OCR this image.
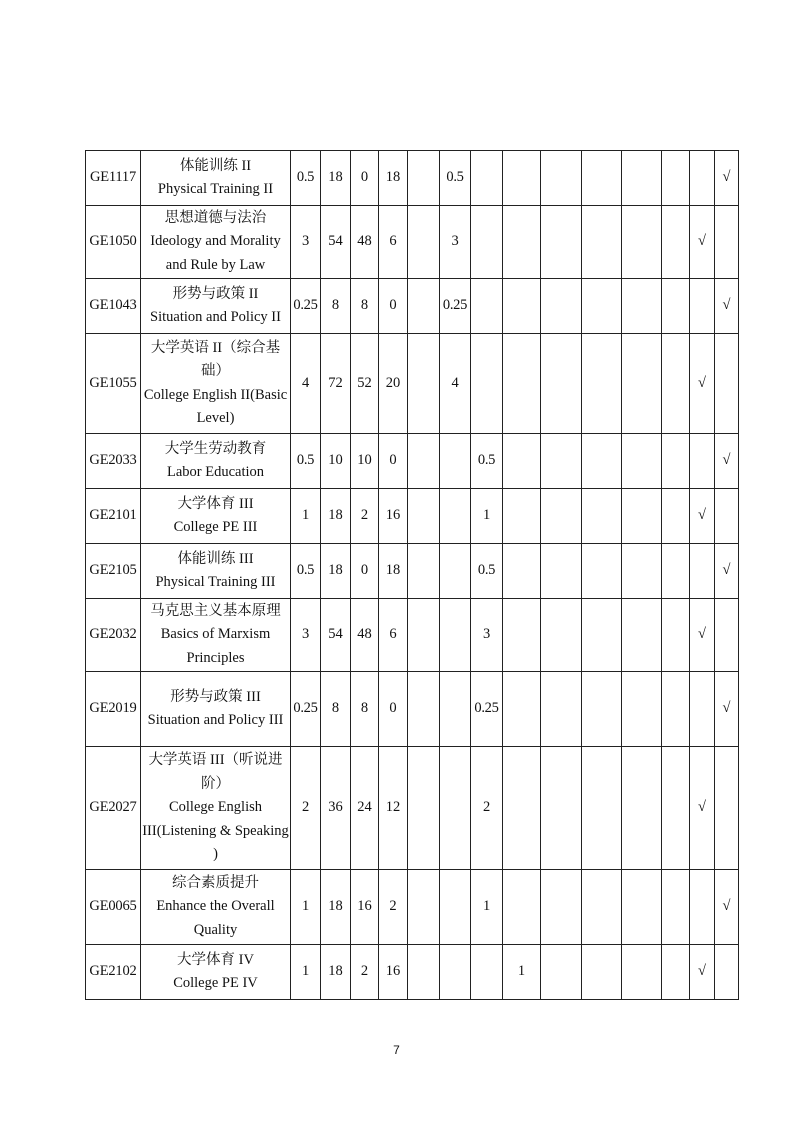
GE1117	体能训练 II
Physical Training II	0.5	18	0	18		0.5								√
GE1050	思想道德与法治
Ideology and Morality and Rule by Law	3	54	48	6		3							√	
GE1043	形势与政策 II
Situation and Policy II	0.25	8	8	0		0.25								√
GE1055	大学英语 II（综合基础）
College English II(Basic Level)	4	72	52	20		4							√	
GE2033	大学生劳动教育
Labor Education	0.5	10	10	0			0.5							√
GE2101	大学体育 III
College PE III	1	18	2	16			1						√	
GE2105	体能训练 III
Physical Training III	0.5	18	0	18			0.5							√
GE2032	马克思主义基本原理
Basics of Marxism Principles	3	54	48	6			3						√	
GE2019	形势与政策 III
Situation and Policy III	0.25	8	8	0			0.25							√
GE2027	大学英语 III（听说进阶）
College English III(Listening & Speaking )	2	36	24	12			2						√	
GE0065	综合素质提升
Enhance the Overall Quality	1	18	16	2			1							√
GE2102	大学体育 IV
College PE IV	1	18	2	16				1					√	
7
